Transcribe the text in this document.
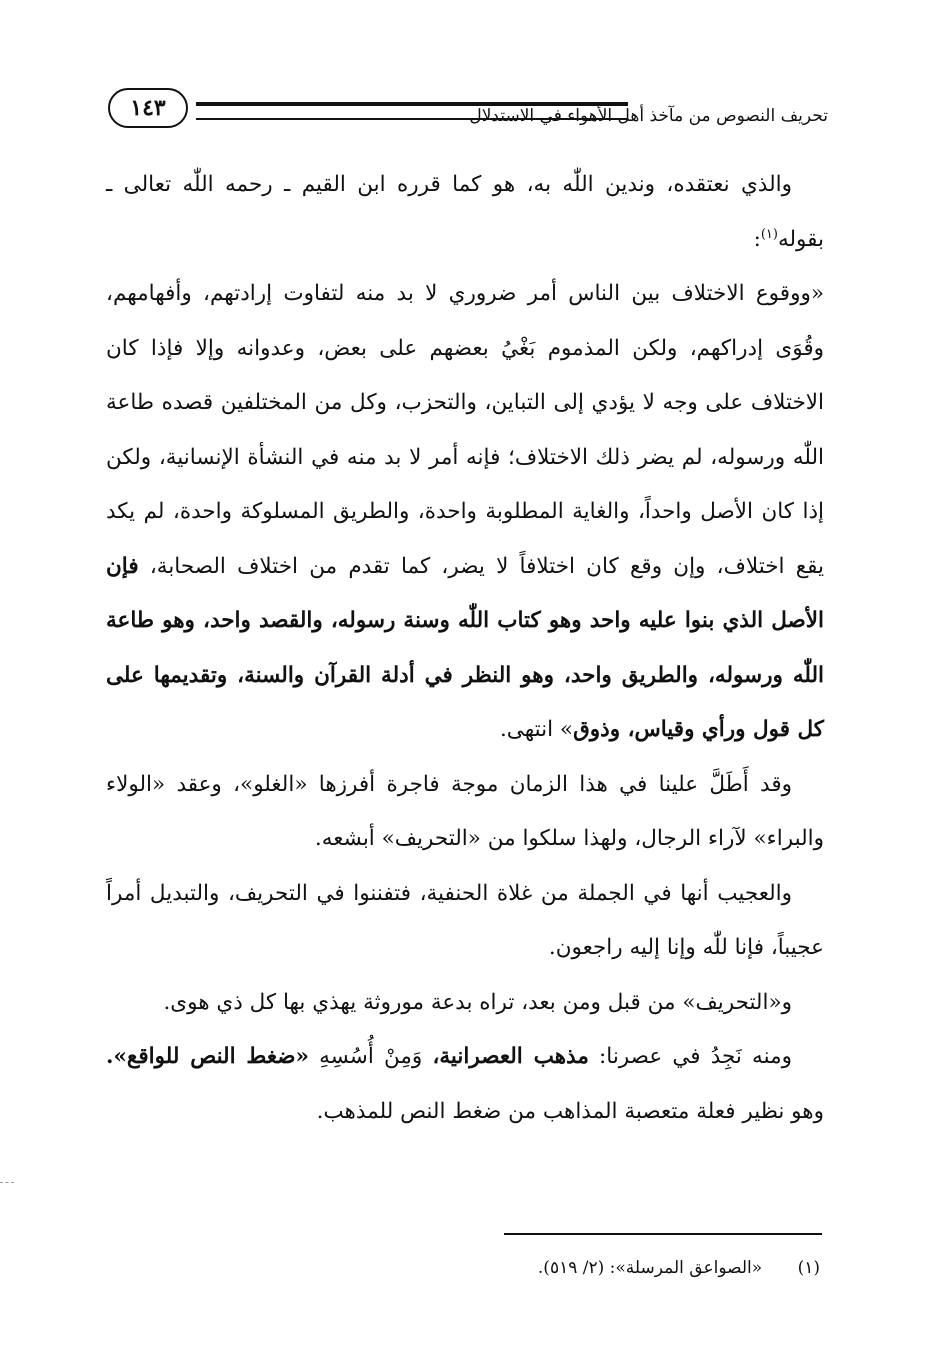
١٤٣	تحريف النصوص من مآخذ أهل الأهواء في الاستدلال

والذي نعتقده، وندين اللّٰه به، هو كما قرره ابن القيم ـ رحمه اللّٰه تعالى ـ بقوله$^{(١)}$:

«ووقوع الاختلاف بين الناس أمر ضروري لا بد منه لتفاوت إرادتهم، وأفهامهم، وقُوَى إدراكهم، ولكن المذموم بَغْيُ بعضهم على بعض، وعدوانه وإلا فإذا كان الاختلاف على وجه لا يؤدي إلى التباين، والتحزب، وكل من المختلفين قصده طاعة اللّٰه ورسوله، لم يضر ذلك الاختلاف؛ فإنه أمر لا بد منه في النشأة الإنسانية، ولكن إذا كان الأصل واحداً، والغاية المطلوبة واحدة، والطريق المسلوكة واحدة، لم يكد يقع اختلاف، وإن وقع كان اختلافاً لا يضر، كما تقدم من اختلاف الصحابة، فإن الأصل الذي بنوا عليه واحد وهو كتاب اللّٰه وسنة رسوله، والقصد واحد، وهو طاعة اللّٰه ورسوله، والطريق واحد، وهو النظر في أدلة القرآن والسنة، وتقديمها على كل قول ورأي وقياس، وذوق» انتهى.

وقد أَطَلَّ علينا في هذا الزمان موجة فاجرة أفرزها «الغلو»، وعقد «الولاء والبراء» لآراء الرجال، ولهذا سلكوا من «التحريف» أبشعه.

والعجيب أنها في الجملة من غلاة الحنفية، فتفننوا في التحريف، والتبديل أمراً عجيباً، فإنا للّٰه وإنا إليه راجعون.

و«التحريف» من قبل ومن بعد، تراه بدعة موروثة يهذي بها كل ذي هوى.

ومنه نَجِدُ في عصرنا: مذهب العصرانية، وَمِنْ أُسُسِهِ «ضغط النص للواقع». وهو نظير فعلة متعصبة المذاهب من ضغط النص للمذهب.

(١) «الصواعق المرسلة»: (٢/ ٥١٩).
